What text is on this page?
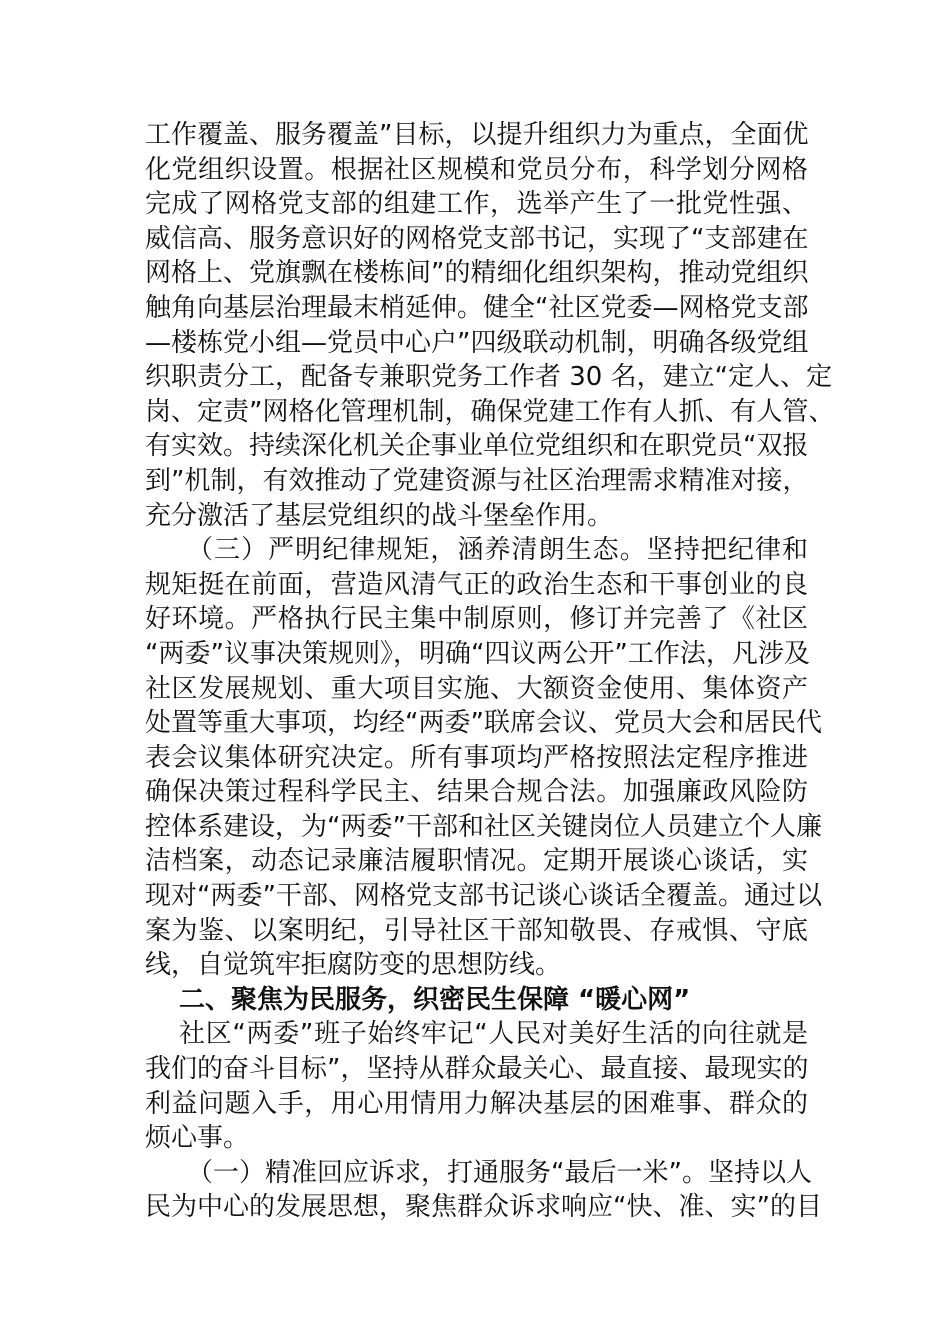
工作覆盖、服务覆盖”目标，以提升组织力为重点，全面优
化党组织设置。根据社区规模和党员分布，科学划分网格
完成了网格党支部的组建工作，选举产生了一批党性强、
威信高、服务意识好的网格党支部书记，实现了“支部建在
网格上、党旗飘在楼栋间”的精细化组织架构，推动党组织
触角向基层治理最末梢延伸。健全“社区党委—网格党支部
—楼栋党小组—党员中心户”四级联动机制，明确各级党组
织职责分工，配备专兼职党务工作者 30 名，建立“定人、定
岗、定责”网格化管理机制，确保党建工作有人抓、有人管、
有实效。持续深化机关企事业单位党组织和在职党员“双报
到”机制，有效推动了党建资源与社区治理需求精准对接，
充分激活了基层党组织的战斗堡垒作用。
（三）严明纪律规矩，涵养清朗生态。坚持把纪律和
规矩挺在前面，营造风清气正的政治生态和干事创业的良
好环境。严格执行民主集中制原则，修订并完善了《社区
“两委”议事决策规则》，明确“四议两公开”工作法，凡涉及
社区发展规划、重大项目实施、大额资金使用、集体资产
处置等重大事项，均经“两委”联席会议、党员大会和居民代
表会议集体研究决定。所有事项均严格按照法定程序推进
确保决策过程科学民主、结果合规合法。加强廉政风险防
控体系建设，为“两委”干部和社区关键岗位人员建立个人廉
洁档案，动态记录廉洁履职情况。定期开展谈心谈话，实
现对“两委”干部、网格党支部书记谈心谈话全覆盖。通过以
案为鉴、以案明纪，引导社区干部知敬畏、存戒惧、守底
线，自觉筑牢拒腐防变的思想防线。
二、聚焦为民服务，织密民生保障 “暖心网”
社区“两委”班子始终牢记“人民对美好生活的向往就是
我们的奋斗目标”，坚持从群众最关心、最直接、最现实的
利益问题入手，用心用情用力解决基层的困难事、群众的
烦心事。
（一）精准回应诉求，打通服务“最后一米”。坚持以人
民为中心的发展思想，聚焦群众诉求响应“快、准、实”的目
